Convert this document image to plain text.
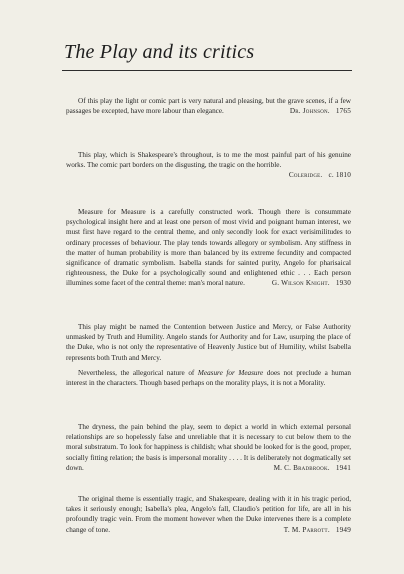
The Play and its critics

Of this play the light or comic part is very natural and pleasing, but the grave scenes, if a few passages be excepted, have more labour than elegance.	Dr. Johnson. 1765

This play, which is Shakespeare's throughout, is to me the most painful part of his genuine works. The comic part borders on the disgusting, the tragic on the horrible.
Coleridge. c. 1810

Measure for Measure is a carefully constructed work. Though there is consummate psychological insight here and at least one person of most vivid and poignant human interest, we must first have regard to the central theme, and only secondly look for exact verisimilitudes to ordinary processes of behaviour. The play tends towards allegory or symbolism. Any stiffness in the matter of human probability is more than balanced by its extreme fecundity and compacted significance of dramatic symbolism. Isabella stands for sainted purity, Angelo for pharisaical righteousness, the Duke for a psychologically sound and enlightened ethic . . . Each person illumines some facet of the central theme: man's moral nature.	G. Wilson Knight. 1930

This play might be named the Contention between Justice and Mercy, or False Authority unmasked by Truth and Humility. Angelo stands for Authority and for Law, usurping the place of the Duke, who is not only the representative of Heavenly Justice but of Humility, whilst Isabella represents both Truth and Mercy.

Nevertheless, the allegorical nature of Measure for Measure does not preclude a human interest in the characters. Though based perhaps on the morality plays, it is not a Morality.

The dryness, the pain behind the play, seem to depict a world in which external personal relationships are so hopelessly false and unreliable that it is necessary to cut below them to the moral substratum. To look for happiness is childish; what should be looked for is the good, proper, socially fitting relation; the basis is impersonal morality . . . . It is deliberately not dogmatically set down.	M. C. Bradbrook. 1941

The original theme is essentially tragic, and Shakespeare, dealing with it in his tragic period, takes it seriously enough; Isabella's plea, Angelo's fall, Claudio's petition for life, are all in his profoundly tragic vein. From the moment however when the Duke intervenes there is a complete change of tone.	T. M. Parrott. 1949
